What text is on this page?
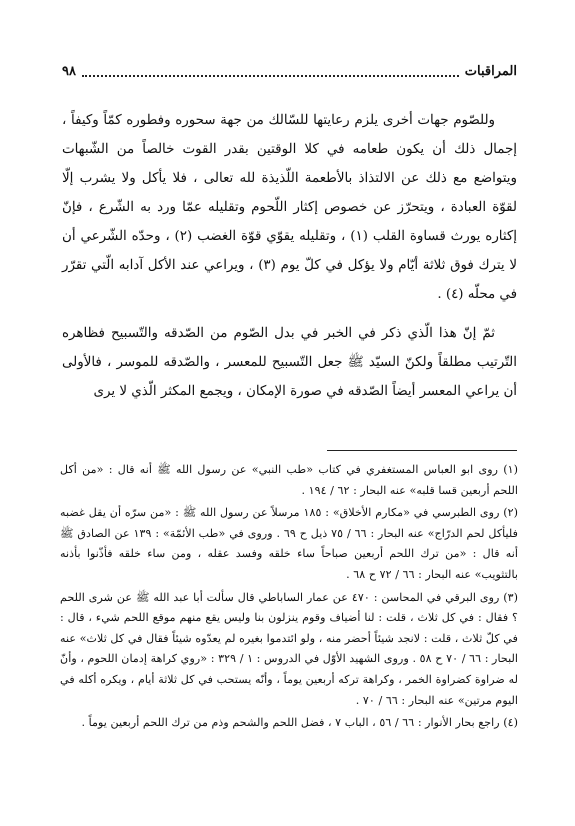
٩٨	المراقبات

وللصّوم جهات أخرى يلزم رعايتها للسّالك من جهة سحوره وفطوره كمّاً وكيفاً ، إجمال ذلك أن يكون طعامه في كلا الوقتين بقدر القوت خالصاً من الشّبهات ويتواضع مع ذلك عن الالتذاذ بالأطعمة اللّذيذة لله تعالى ، فلا يأكل ولا يشرب إلّا لقوّة العبادة ، ويتحرّز عن خصوص إكثار اللّحوم وتقليله عمّا ورد به الشّرع ، فإنّ إكثاره يورث قساوة القلب (١) ، وتقليله يقوّي قوّة الغضب (٢) ، وحدّه الشّرعي أن لا يترك فوق ثلاثة أيّام ولا يؤكل في كلّ يوم (٣) ، ويراعي عند الأكل آدابه الّتي تقرّر في محلّه (٤) .

ثمّ إنّ هذا الّذي ذكر في الخبر في بدل الصّوم من الصّدقه والتّسبيح فظاهره التّرتيب مطلقاً ولكنّ السيّد ﷺ جعل التّسبيح للمعسر ، والصّدقه للموسر ، فالأولى أن يراعي المعسر أيضاً الصّدقه في صورة الإمكان ، ويجمع المكثر الّذي لا يرى

(١) روى ابو العباس المستغفري في كتاب «طب النبي» عن رسول الله ﷺ أنه قال : «من أكل اللحم أربعين قسا قلبه» عنه البحار : ٦٢ / ١٩٤ .

(٢) روى الطبرسي في «مكارم الأخلاق» : ١٨٥ مرسلاً عن رسول الله ﷺ : «من سرّه أن يقل غضبه فليأكل لحم الدرّاج» عنه البحار : ٦٦ / ٧٥ ذيل ح ٦٩ . وروى في «طب الأئمّة» : ١٣٩ عن الصادق ﷺ أنه قال : «من ترك اللحم أربعين صباحاً ساء خلقه وفسد عقله ، ومن ساء خلقه فأذّنوا بأذنه بالتثويب» عنه البحار : ٦٦ / ٧٢ ح ٦٨ .

(٣) روى البرقي في المحاسن : ٤٧٠ عن عمار الساباطي قال سألت أبا عبد الله ﷺ عن شرى اللحم ؟ فقال : في كل ثلاث ، قلت : لنا أضياف وقوم ينزلون بنا وليس يقع منهم موقع اللحم شيء ، قال : في كلّ ثلاث ، قلت : لانجد شيئاً أحضر منه ، ولو ائتدموا بغيره لم يعدّوه شيئاً فقال في كل ثلاث» عنه البحار : ٦٦ / ٧٠ ح ٥٨ . وروى الشهيد الأوّل في الدروس : ١ / ٣٢٩ : «روي كراهة إدمان اللحوم ، وأنّ له ضراوة كضراوة الخمر ، وكراهة تركه أربعين يوماً ، وأنّه يستحب في كل ثلاثة أيام ، ويكره أكله في اليوم مرتين» عنه البحار : ٦٦ / ٧٠ .

(٤) راجع بحار الأنوار : ٦٦ / ٥٦ ، الباب ٧ ، فضل اللحم والشحم وذم من ترك اللحم أربعين يوماً .
